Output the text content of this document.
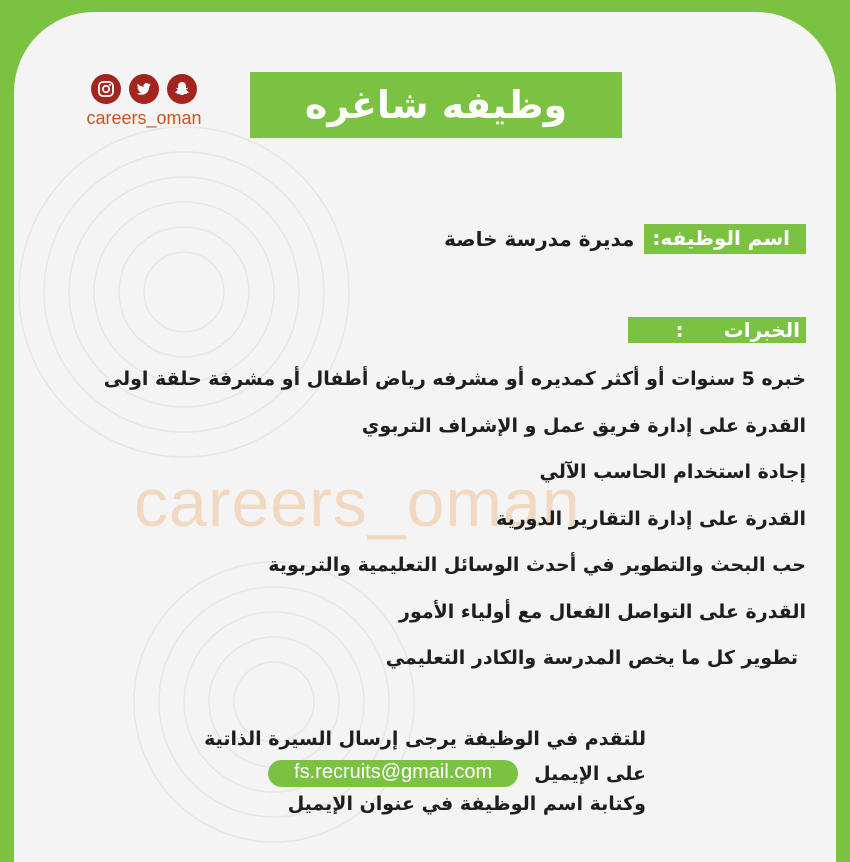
careers_oman	وظيفه شاغره
careers_oman
اسم الوظيفه:
مديرة مدرسة خاصة
الخبرات
:
خبره 5 سنوات أو أكثر كمديره أو مشرفه رياض أطفال أو مشرفة حلقة اولى
القدرة على إدارة فريق عمل و الإشراف التربوي
إجادة استخدام الحاسب الآلي
القدرة على إدارة التقارير الدورية
حب البحث والتطوير في أحدث الوسائل التعليمية والتربوية
القدرة على التواصل الفعال مع أولياء الأمور
تطوير كل ما يخص المدرسة والكادر التعليمي
للتقدم في الوظيفة يرجى إرسال السيرة الذاتية
على الإيميل
fs.recruits@gmail.com
وكتابة اسم الوظيفة في عنوان الإيميل
